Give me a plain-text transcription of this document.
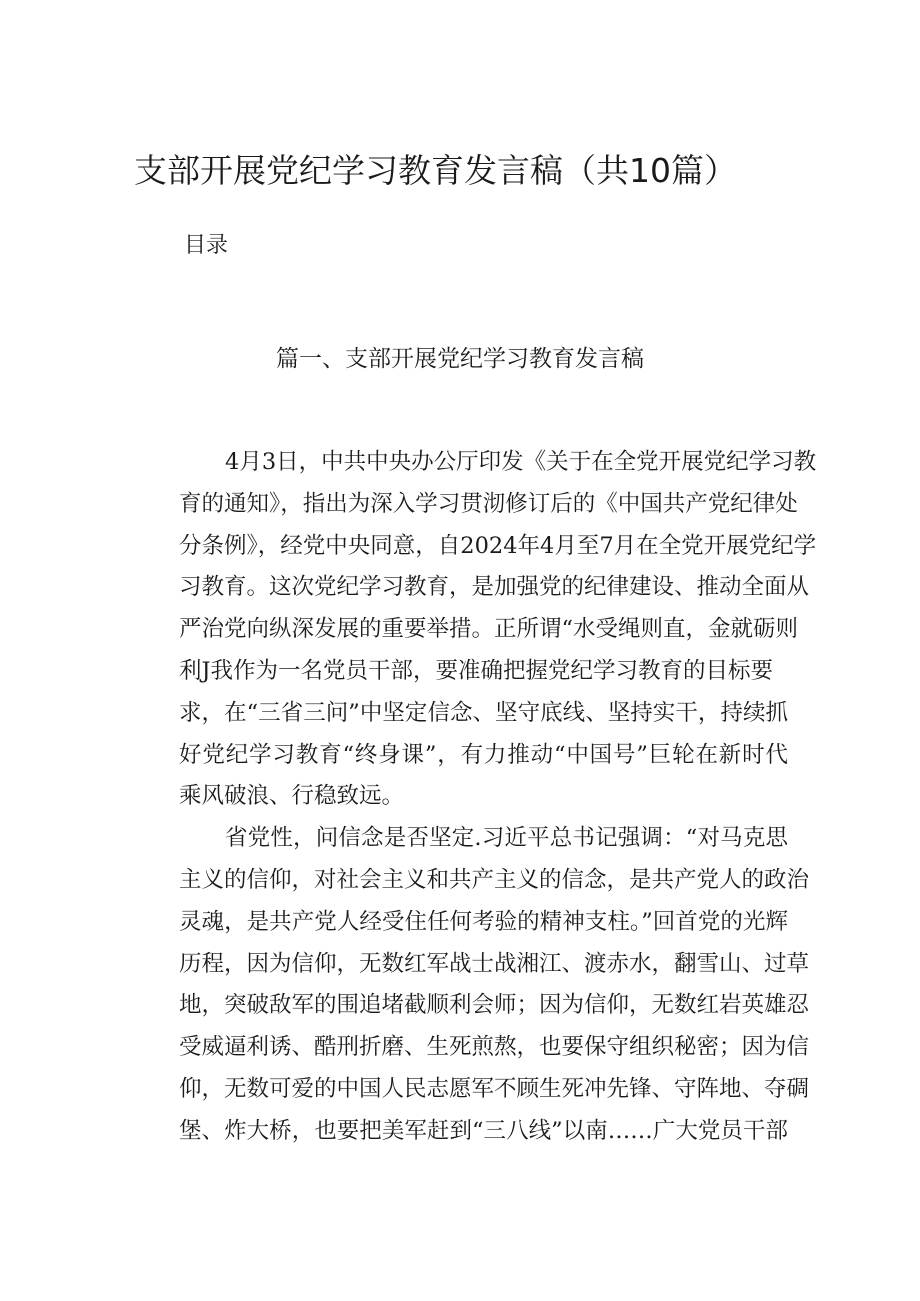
支部开展党纪学习教育发言稿（共10篇）
目录
篇一、支部开展党纪学习教育发言稿
4月3日，中共中央办公厅印发《关于在全党开展党纪学习教
育的通知》，指出为深入学习贯沏修订后的《中国共产党纪律处
分条例》，经党中央同意，自2024年4月至7月在全党开展党纪学
习教育。这次党纪学习教育，是加强党的纪律建设、推动全面从
严治党向纵深发展的重要举措。正所谓“水受绳则直，金就砺则
利J我作为一名党员干部，要准确把握党纪学习教育的目标要
求，在“三省三问”中坚定信念、坚守底线、坚持实干，持续抓
好党纪学习教育“终身课”，有力推动“中国号”巨轮在新时代
乘风破浪、行稳致远。
省党性，问信念是否坚定.习近平总书记强调：“对马克思
主义的信仰，对社会主义和共产主义的信念，是共产党人的政治
灵魂，是共产党人经受住任何考验的精神支柱。”回首党的光辉
历程，因为信仰，无数红军战士战湘江、渡赤水，翻雪山、过草
地，突破敌军的围追堵截顺利会师；因为信仰，无数红岩英雄忍
受威逼利诱、酷刑折磨、生死煎熬，也要保守组织秘密；因为信
仰，无数可爱的中国人民志愿军不顾生死冲先锋、守阵地、夺碉
堡、炸大桥，也要把美军赶到“三八线”以南……广大党员干部
